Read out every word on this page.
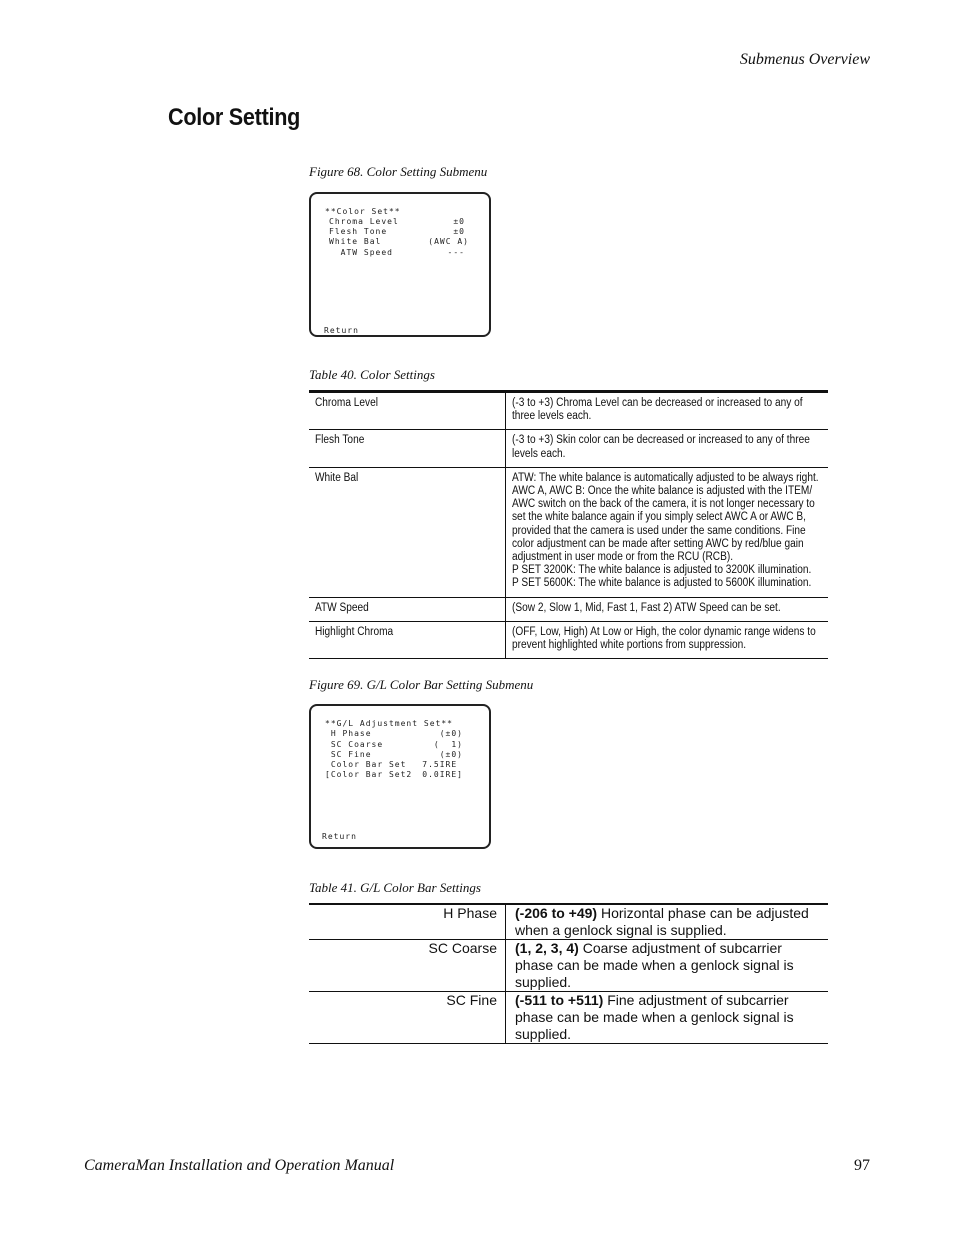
Submenus Overview
Color Setting
Figure 68. Color Setting Submenu
**Color Set**
Chroma Level	±0
Flesh Tone	±0
White Bal	(AWC A)
ATW Speed	---
Return
Table 40. Color Settings
Chroma Level	(-3 to +3) Chroma Level can be decreased or increased to any of three levels each.

Flesh Tone	(-3 to +3) Skin color can be decreased or increased to any of three levels each.

White Bal	ATW: The white balance is automatically adjusted to be always right.
AWC A, AWC B: Once the white balance is adjusted with the ITEM/ AWC switch on the back of the camera, it is not longer necessary to set the white balance again if you simply select AWC A or AWC B, provided that the camera is used under the same conditions. Fine color adjustment can be made after setting AWC by red/blue gain adjustment in user mode or from the RCU (RCB).
P SET 3200K: The white balance is adjusted to 3200K illumination.
P SET 5600K: The white balance is adjusted to 5600K illumination.

ATW Speed	(Sow 2, Slow 1, Mid, Fast 1, Fast 2) ATW Speed can be set.

Highlight Chroma	(OFF, Low, High) At Low or High, the color dynamic range widens to prevent highlighted white portions from suppression.
Figure 69. G/L Color Bar Setting Submenu
**G/L Adjustment Set**
H Phase	(±0)
SC Coarse	(  1)
SC Fine	(±0)
Color Bar Set 7.5IRE
[Color Bar Set2 0.0IRE]
Return
Table 41. G/L Color Bar Settings
H Phase	(-206 to +49) Horizontal phase can be adjusted when a genlock signal is supplied.
SC Coarse	(1, 2, 3, 4) Coarse adjustment of subcarrier phase can be made when a genlock signal is supplied.
SC Fine	(-511 to +511) Fine adjustment of subcarrier phase can be made when a genlock signal is supplied.
CameraMan Installation and Operation Manual	97
